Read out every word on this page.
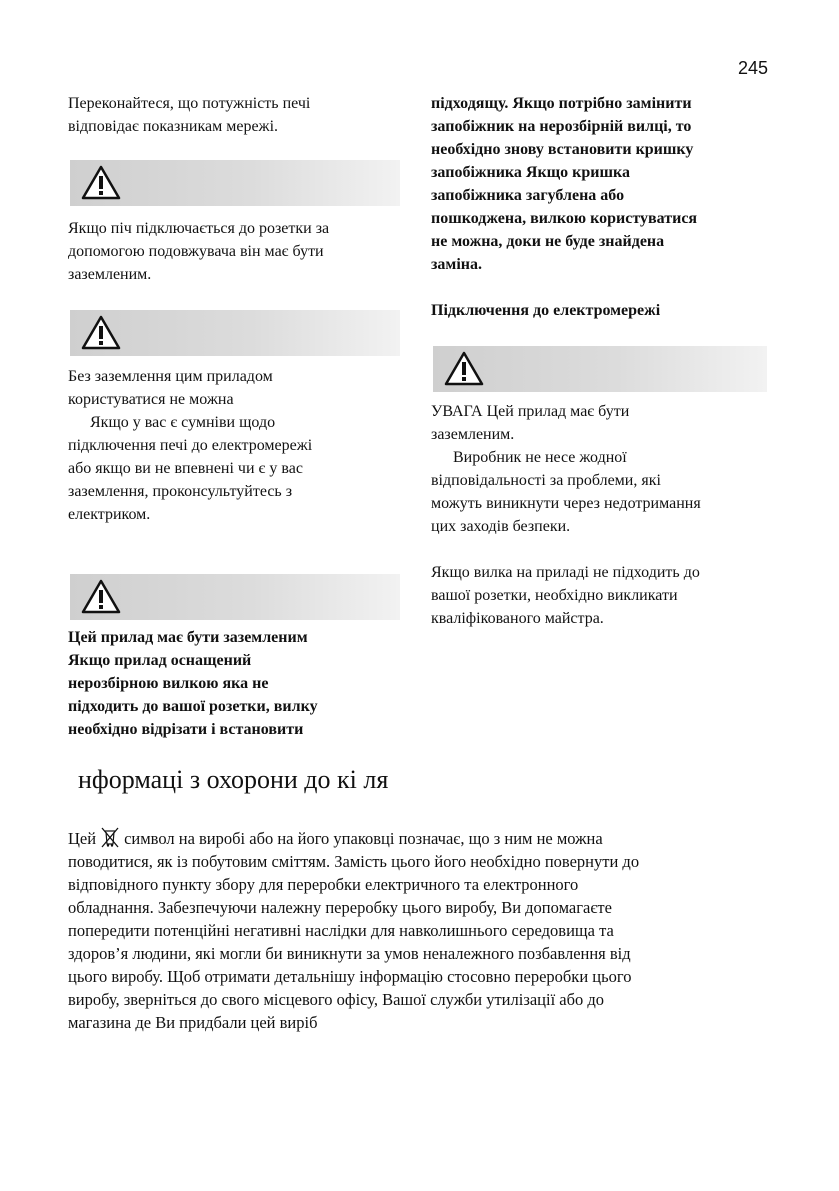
245

Переконайтеся, що потужність печі

відповідає показникам мережі.

Якщо піч підключається до розетки за

допомогою подовжувача він має бути

заземленим.

Без заземлення цим приладом

користуватися не можна

Якщо у вас є сумніви щодо

підключення печі до електромережі

або якщо ви не впевнені чи є у вас

заземлення, проконсультуйтесь з

електриком.

Цей прилад має бути заземленим

Якщо прилад оснащений

нерозбірною вилкою яка не

підходить до вашої розетки, вилку

необхідно відрізати і встановити

підходящу. Якщо потрібно замінити

запобіжник на нерозбірній вилці, то

необхідно знову встановити кришку

запобіжника Якщо кришка

запобіжника загублена або

пошкоджена, вилкою користуватися

не можна, доки не буде знайдена

заміна.

Підключення до електромережі

УВАГА Цей прилад має бути

заземленим.

Виробник не несе жодної

відповідальності за проблеми, які

можуть виникнути через недотримання

цих заходів безпеки.

Якщо вилка на приладі не підходить до

вашої розетки, необхідно викликати

кваліфікованого майстра.

нформаці з охорони до кі ля

Цей символ на виробі або на його упаковці позначає, що з ним не можна

поводитися, як із побутовим сміттям. Замість цього його необхідно повернути до

відповідного пункту збору для переробки електричного та електронного

обладнання. Забезпечуючи належну переробку цього виробу, Ви допомагаєте

попередити потенційні негативні наслідки для навколишнього середовища та

здоров’я людини, які могли би виникнути за умов неналежного позбавлення від

цього виробу. Щоб отримати детальнішу інформацію стосовно переробки цього

виробу, зверніться до свого місцевого офісу, Вашої служби утилізації або до

магазина де Ви придбали цей виріб
